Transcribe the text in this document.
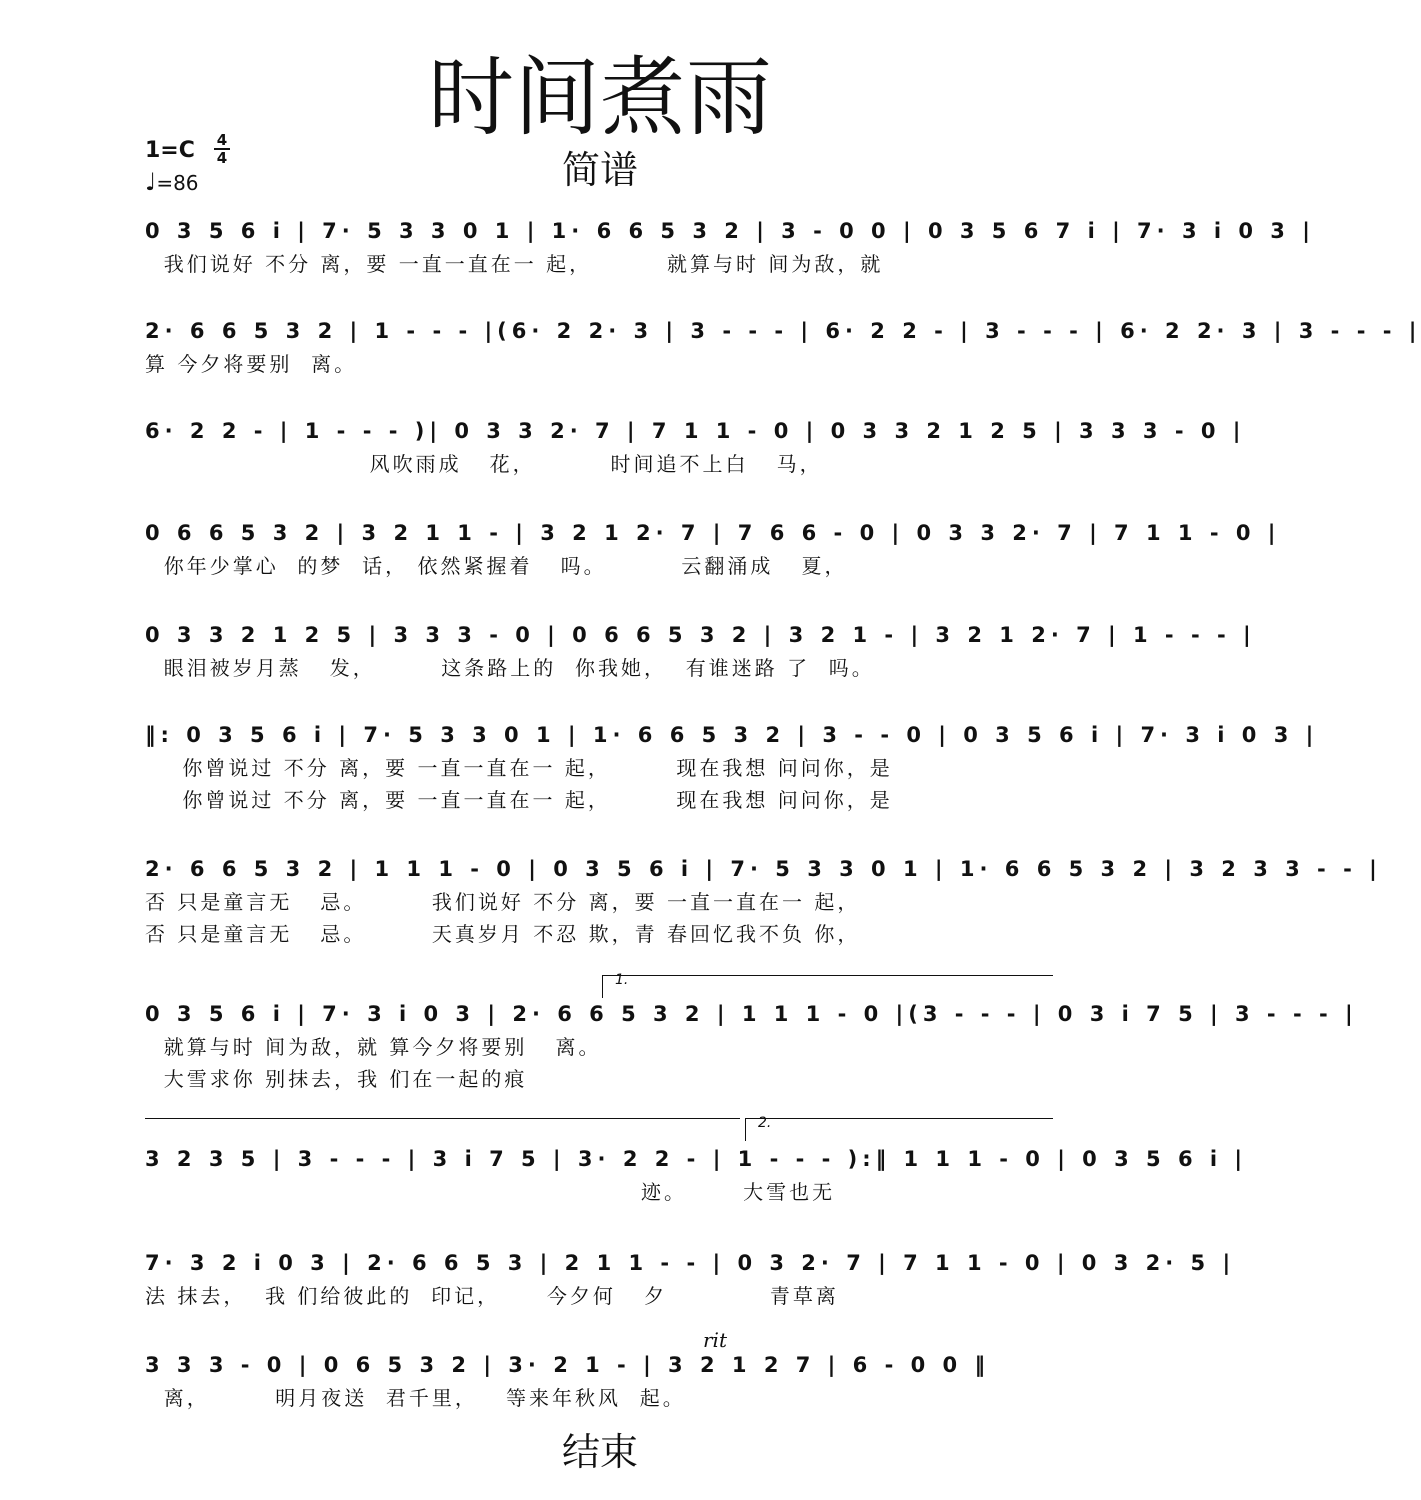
时间煮雨
简谱
1=C 4
4
♩=86
0 3 5 6 i | 7· 5 3 3 0 1 | 1· 6 6 5 3 2 | 3 - 0 0 | 0 3 5 6 7 i | 7· 3 i 0 3 |
我们说好 不分 离，要 一直一直在一 起，        就算与时 间为敌，就
2· 6 6 5 3 2 | 1 - - - |(6· 2 2· 3 | 3 - - - | 6· 2 2 - | 3 - - - | 6· 2 2· 3 | 3 - - - |
算 今夕将要别  离。
6· 2 2 - | 1 - - - )| 0 3 3 2· 7 | 7 1 1 - 0 | 0 3 3 2 1 2 5 | 3 3 3 - 0 |
风吹雨成   花，        时间追不上白   马，
0 6 6 5 3 2 | 3 2 1 1 - | 3 2 1 2· 7 | 7 6 6 - 0 | 0 3 3 2· 7 | 7 1 1 - 0 |
你年少掌心  的梦  话， 依然紧握着   吗。        云翻涌成   夏，
0 3 3 2 1 2 5 | 3 3 3 - 0 | 0 6 6 5 3 2 | 3 2 1 - | 3 2 1 2· 7 | 1 - - - |
眼泪被岁月蒸   发，       这条路上的  你我她，  有谁迷路 了  吗。
‖: 0 3 5 6 i | 7· 5 3 3 0 1 | 1· 6 6 5 3 2 | 3 - - 0 | 0 3 5 6 i | 7· 3 i 0 3 |
你曾说过 不分 离，要 一直一直在一 起，       现在我想 问问你，是
你曾说过 不分 离，要 一直一直在一 起，       现在我想 问问你，是
2· 6 6 5 3 2 | 1 1 1 - 0 | 0 3 5 6 i | 7· 5 3 3 0 1 | 1· 6 6 5 3 2 | 3 2 3 3 - - |
否 只是童言无   忌。       我们说好 不分 离，要 一直一直在一 起，
否 只是童言无   忌。       天真岁月 不忍 欺，青 春回忆我不负 你，
1.
0 3 5 6 i | 7· 3 i 0 3 | 2· 6 6 5 3 2 | 1 1 1 - 0 |(3 - - - | 0 3 i 7 5 | 3 - - - |
就算与时 间为敌，就 算今夕将要别   离。
大雪求你 别抹去，我 们在一起的痕
2.
3 2 3 5 | 3 - - - | 3 i 7 5 | 3· 2 2 - | 1 - - - ):‖ 1 1 1 - 0 | 0 3 5 6 i |
迹。      大雪也无
7· 3 2 i 0 3 | 2· 6 6 5 3 | 2 1 1 - - | 0 3 2· 7 | 7 1 1 - 0 | 0 3 2· 5 |
法 抹去，  我 们给彼此的  印记，     今夕何   夕           青草离
rit
3 3 3 - 0 | 0 6 5 3 2 | 3· 2 1 - | 3 2 1 2 7 | 6 - 0 0 ‖
离，       明月夜送  君千里，   等来年秋风  起。
结束
